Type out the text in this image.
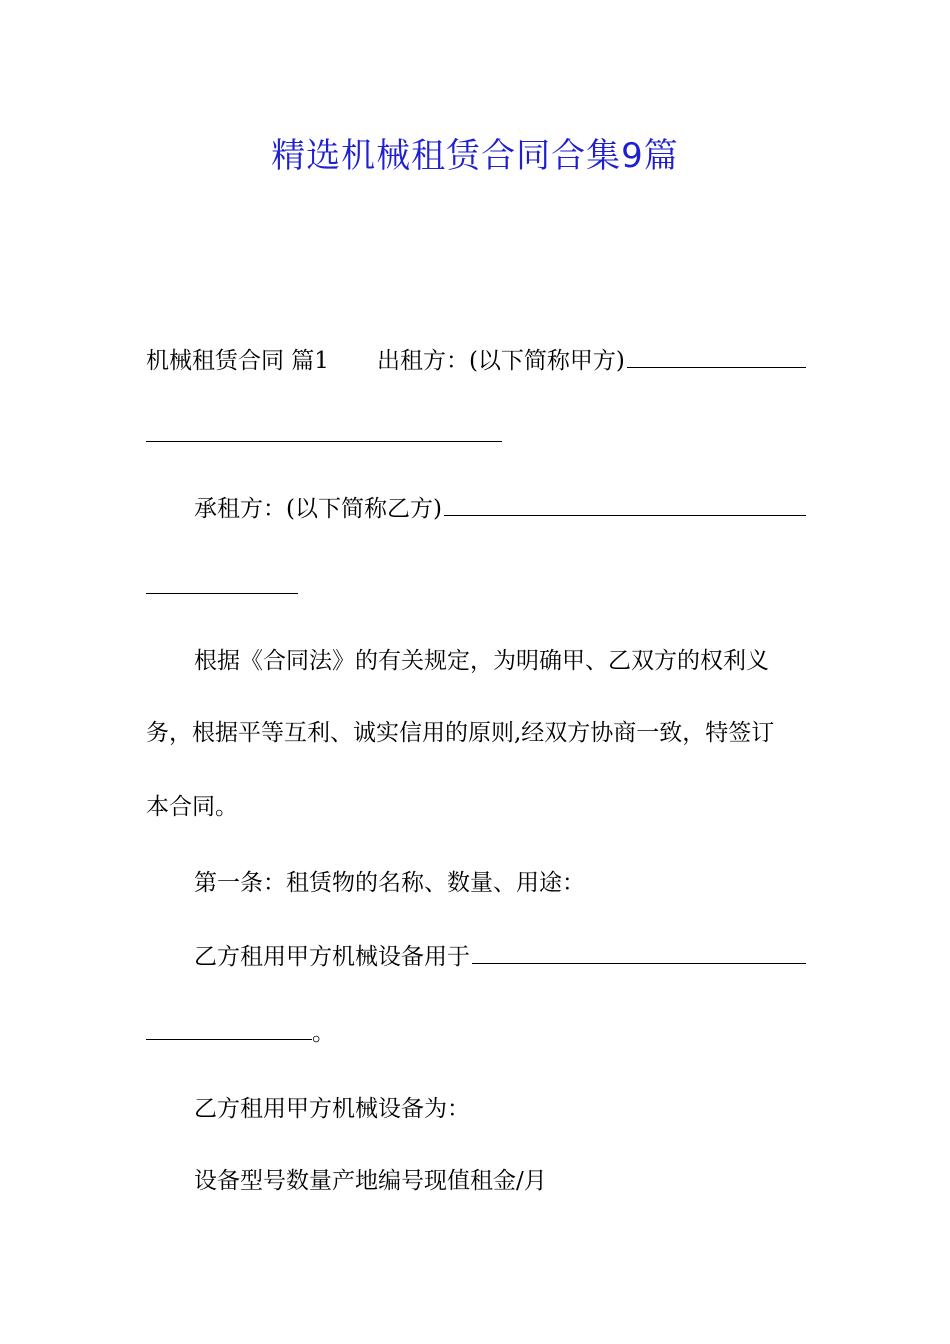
精选机械租赁合同合集9篇
机械租赁合同 篇1 出租方：(以下简称甲方)
承租方：(以下简称乙方)
根据《合同法》的有关规定，为明确甲、乙双方的权利义
务，根据平等互利、诚实信用的原则,经双方协商一致，特签订
本合同。
第一条：租赁物的名称、数量、用途：
乙方租用甲方机械设备用于
。
乙方租用甲方机械设备为：
设备型号数量产地编号现值租金/月
